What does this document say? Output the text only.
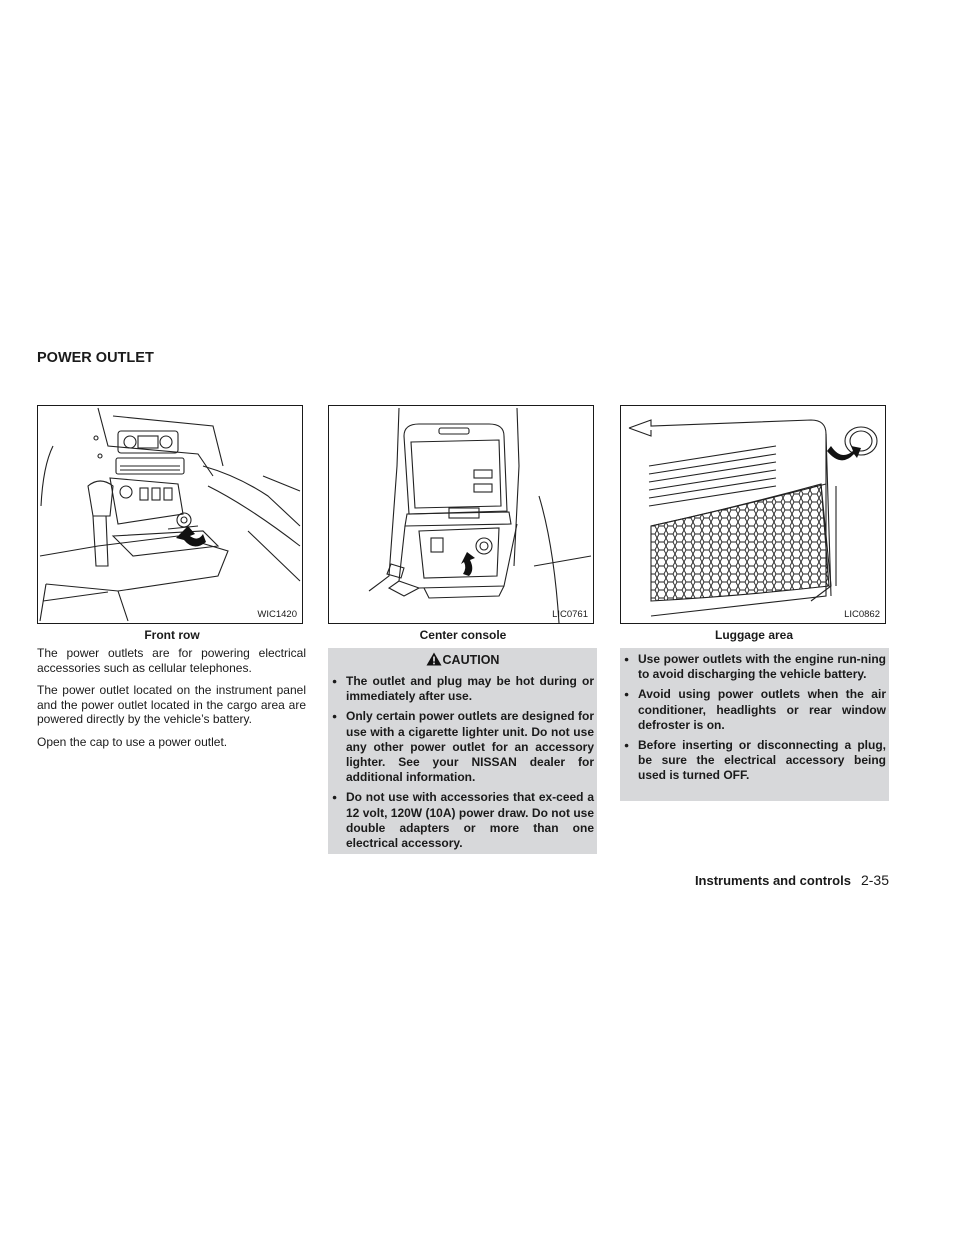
POWER OUTLET
WIC1420
Front row
LIC0761
Center console
LIC0862
Luggage area

The power outlets are for powering electrical accessories such as cellular telephones.

The power outlet located on the instrument panel and the power outlet located in the cargo area are powered directly by the vehicle’s battery.

Open the cap to use a power outlet.

CAUTION
● The outlet and plug may be hot during or immediately after use.
● Only certain power outlets are designed for use with a cigarette lighter unit. Do not use any other power outlet for an accessory lighter. See your NISSAN dealer for additional information.
● Do not use with accessories that ex-ceed a 12 volt, 120W (10A) power draw. Do not use double adapters or more than one electrical accessory.
● Use power outlets with the engine run-ning to avoid discharging the vehicle battery.
● Avoid using power outlets when the air conditioner, headlights or rear window defroster is on.
● Before inserting or disconnecting a plug, be sure the electrical accessory being used is turned OFF.
Instruments and controls 2-35
